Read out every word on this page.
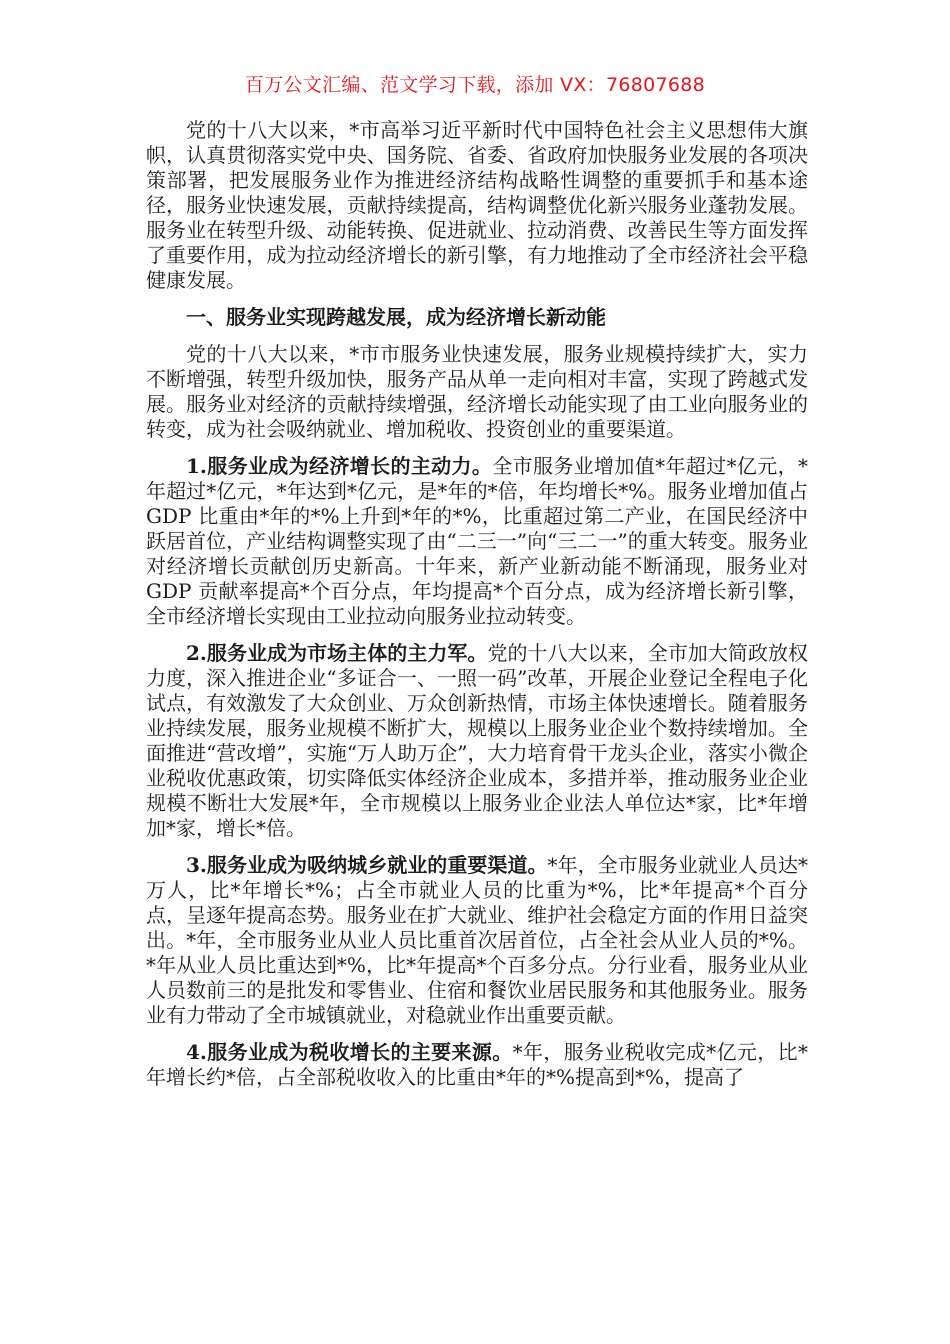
百万公文汇编、范文学习下载，添加 VX：76807688

党的十八大以来，*市高举习近平新时代中国特色社会主义思想伟大旗帜，认真贯彻落实党中央、国务院、省委、省政府加快服务业发展的各项决策部署，把发展服务业作为推进经济结构战略性调整的重要抓手和基本途径，服务业快速发展，贡献持续提高，结构调整优化新兴服务业蓬勃发展。服务业在转型升级、动能转换、促进就业、拉动消费、改善民生等方面发挥了重要作用，成为拉动经济增长的新引擎，有力地推动了全市经济社会平稳健康发展。

一、服务业实现跨越发展，成为经济增长新动能

党的十八大以来，*市市服务业快速发展，服务业规模持续扩大，实力不断增强，转型升级加快，服务产品从单一走向相对丰富，实现了跨越式发展。服务业对经济的贡献持续增强，经济增长动能实现了由工业向服务业的转变，成为社会吸纳就业、增加税收、投资创业的重要渠道。

1.服务业成为经济增长的主动力。全市服务业增加值*年超过*亿元，*年超过*亿元，*年达到*亿元，是*年的*倍，年均增长*%。服务业增加值占 GDP 比重由*年的*%上升到*年的*%，比重超过第二产业，在国民经济中跃居首位，产业结构调整实现了由“二三一”向“三二一”的重大转变。服务业对经济增长贡献创历史新高。十年来，新产业新动能不断涌现，服务业对 GDP 贡献率提高*个百分点，年均提高*个百分点，成为经济增长新引擎，全市经济增长实现由工业拉动向服务业拉动转变。

2.服务业成为市场主体的主力军。党的十八大以来，全市加大简政放权力度，深入推进企业“多证合一、一照一码”改革，开展企业登记全程电子化试点，有效激发了大众创业、万众创新热情，市场主体快速增长。随着服务业持续发展，服务业规模不断扩大，规模以上服务业企业个数持续增加。全面推进“营改增”，实施“万人助万企”，大力培育骨干龙头企业，落实小微企业税收优惠政策，切实降低实体经济企业成本，多措并举，推动服务业企业规模不断壮大发展*年，全市规模以上服务业企业法人单位达*家，比*年增加*家，增长*倍。

3.服务业成为吸纳城乡就业的重要渠道。*年，全市服务业就业人员达*万人，比*年增长*%；占全市就业人员的比重为*%，比*年提高*个百分点，呈逐年提高态势。服务业在扩大就业、维护社会稳定方面的作用日益突出。*年，全市服务业从业人员比重首次居首位，占全社会从业人员的*%。*年从业人员比重达到*%，比*年提高*个百多分点。分行业看，服务业从业人员数前三的是批发和零售业、住宿和餐饮业居民服务和其他服务业。服务业有力带动了全市城镇就业，对稳就业作出重要贡献。

4.服务业成为税收增长的主要来源。*年，服务业税收完成*亿元，比*年增长约*倍，占全部税收收入的比重由*年的*%提高到*%，提高了
